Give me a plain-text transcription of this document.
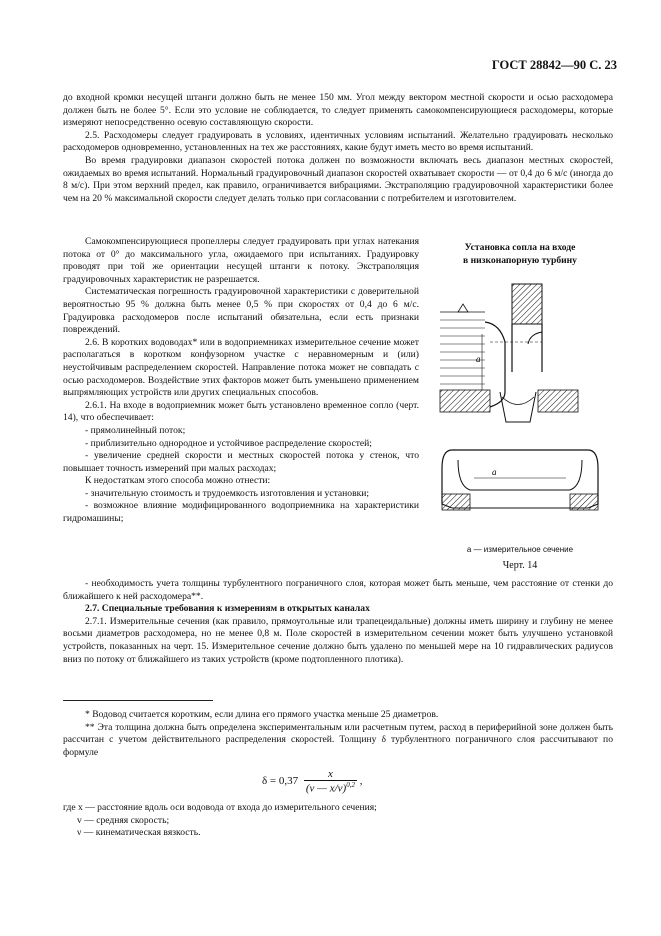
ГОСТ 28842—90 С. 23

до входной кромки несущей штанги должно быть не менее 150 мм. Угол между вектором местной скорости и осью расходомера должен быть не более 5°. Если это условие не соблюдается, то следует применять самокомпенсирующиеся расходомеры, которые измеряют непосредственно осевую составляющую скорости.

2.5. Расходомеры следует градуировать в условиях, идентичных условиям испытаний. Желательно градуировать несколько расходомеров одновременно, установленных на тех же расстояниях, какие будут иметь место во время испытаний.

Во время градуировки диапазон скоростей потока должен по возможности включать весь диапазон местных скоростей, ожидаемых во время испытаний. Нормальный градуировочный диапазон скоростей охватывает скорости — от 0,4 до 6 м/с (иногда до 8 м/с). При этом верхний предел, как правило, ограничивается вибрациями. Экстраполяцию градуировочной характеристики более чем на 20 % максимальной скорости следует делать только при согласовании с потребителем и изготовителем.

Самокомпенсирующиеся пропеллеры следует градуировать при углах натекания потока от 0° до максимального угла, ожидаемого при испытаниях. Градуировку проводят при той же ориентации несущей штанги к потоку. Экстраполяция градуировочных характеристик не разрешается.

Систематическая погрешность градуировочной характеристики с доверительной вероятностью 95 % должна быть менее 0,5 % при скоростях от 0,4 до 6 м/с. Градуировка расходомеров после испытаний обязательна, если есть признаки повреждений.

2.6. В коротких водоводах* или в водоприемниках измерительное сечение может располагаться в коротком конфузорном участке с неравномерным и (или) неустойчивым распределением скоростей. Направление потока может не совпадать с осью расходомеров. Воздействие этих факторов может быть уменьшено применением выпрямляющих устройств или других специальных способов.

2.6.1. На входе в водоприемник может быть установлено временное сопло (черт. 14), что обеспечивает:

- прямолинейный поток;

- приблизительно однородное и устойчивое распределение скоростей;

- увеличение средней скорости и местных скоростей потока у стенок, что повышает точность измерений при малых расходах;

К недостаткам этого способа можно отнести:

- значительную стоимость и трудоемкость изготовления и установки;

- возможное влияние модифицированного водоприемника на характеристики гидромашины;

- необходимость учета толщины турбулентного пограничного слоя, которая может быть меньше, чем расстояние от стенки до ближайшего к ней расходомера**.

2.7. Специальные требования к измерениям в открытых каналах

2.7.1. Измерительные сечения (как правило, прямоугольные или трапецеидальные) должны иметь ширину и глубину не менее восьми диаметров расходомера, но не менее 0,8 м. Поле скоростей в измерительном сечении может быть улучшено установкой устройств, показанных на черт. 15. Измерительное сечение должно быть удалено по меньшей мере на 10 гидравлических радиусов вниз по потоку от ближайшего из таких устройств (кроме подтопленного плотика).

Установка сопла на входе
в низконапорную турбину
a
a
a — измерительное сечение
Черт. 14

* Водовод считается коротким, если длина его прямого участка меньше 25 диаметров.

** Эта толщина должна быть определена экспериментальным или расчетным путем, расход в периферийной зоне должен быть рассчитан с учетом действительного распределения скоростей. Толщину δ турбулентного пограничного слоя рассчитывают по формуле

$\delta = 0,37 \frac{x}{(v — x/\nu)^{0,2}}$ ,

где x — расстояние вдоль оси водовода от входа до измерительного сечения;

v — средняя скорость;

ν — кинематическая вязкость.
